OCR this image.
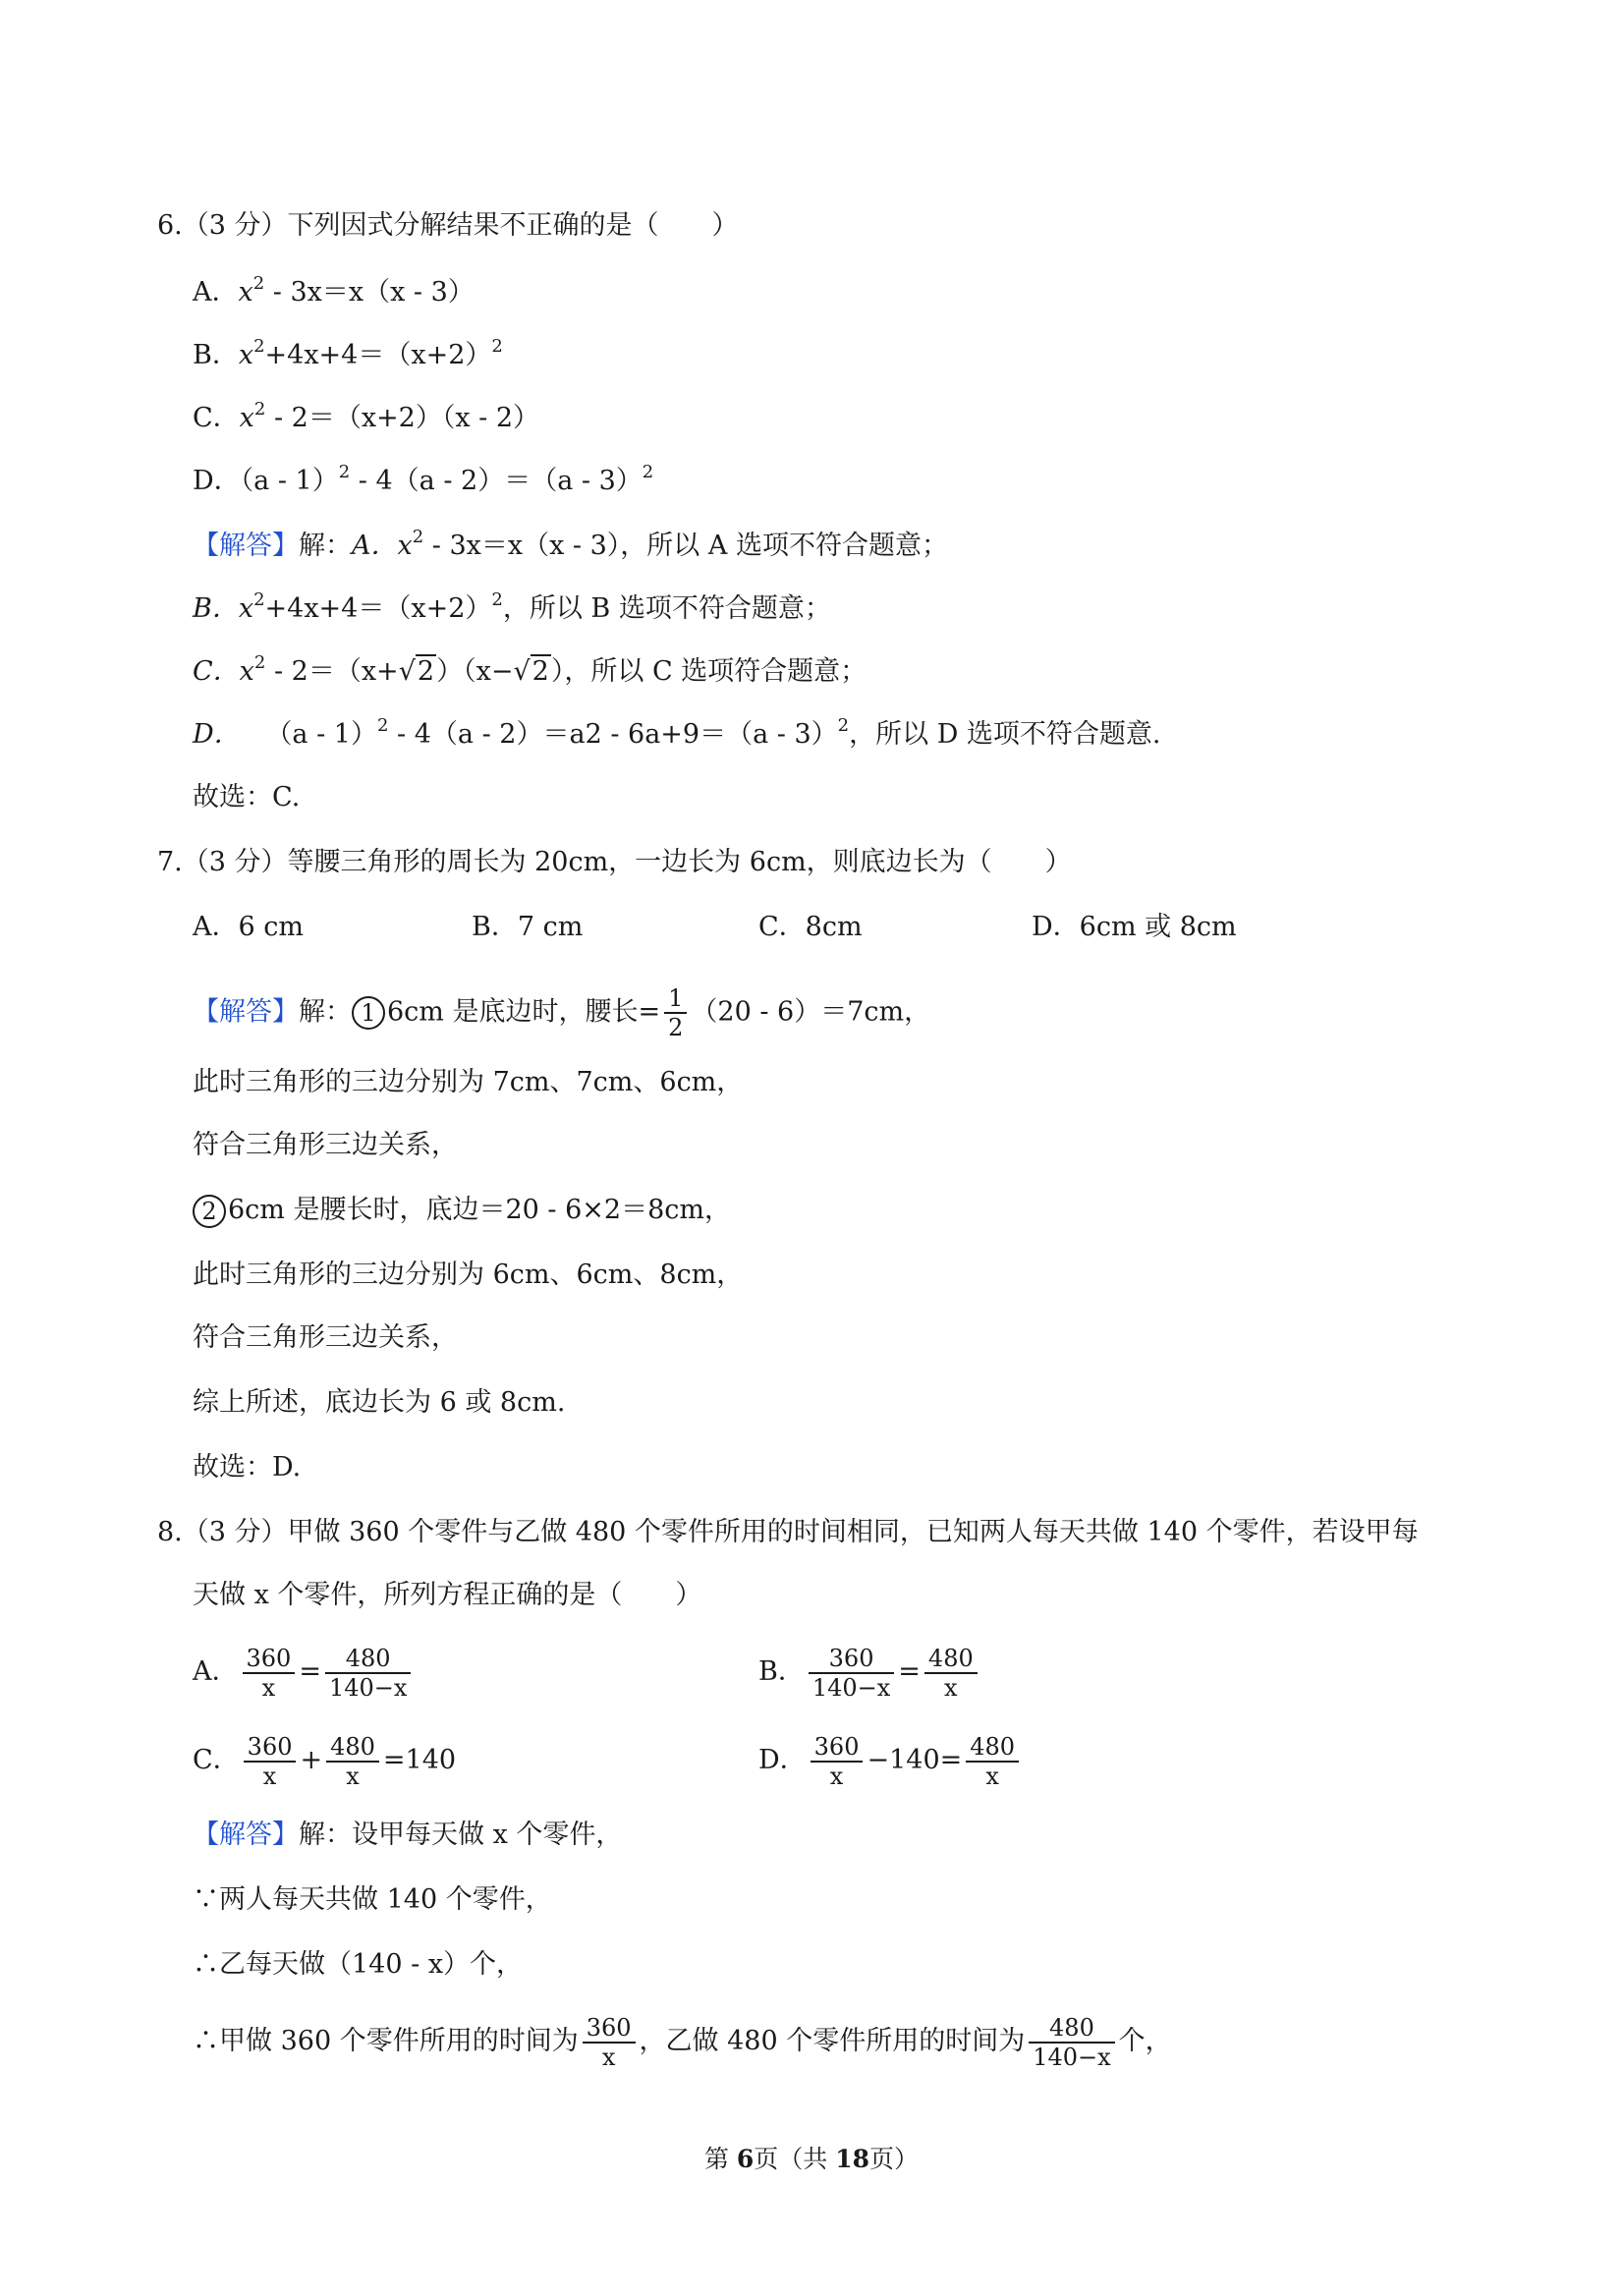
6.（3 分）下列因式分解结果不正确的是（　　）
A．$x^2 - 3x=x(x - 3)$
B．$x^2+4x+4=(x+2)^2$
C．$x^2 - 2=(x+2)(x - 2)$
D．（a - 1）$^2$ - 4（a - 2）＝（a - 3）$^2$
【解答】解：A．$x^2 - 3x=x(x - 3)$，所以 A 选项不符合题意；
B．$x^2+4x+4=(x+2)^2$，所以 B 选项不符合题意；
C．$x^2 - 2=(x+√2)(x-√2)$，所以 C 选项符合题意；
D． （a - 1）$^2$ - 4（a - 2）＝a2 - 6a+9＝（a - 3）$^2$，所以 D 选项不符合题意.
故选：C.
7.（3 分）等腰三角形的周长为 20cm，一边长为 6cm，则底边长为（　　）
A．6 cm	B．7 cm	C．8cm	D．6cm 或 8cm
【解答】解： 1 6cm 是底边时，腰长= $\frac{1}{2} (20 - 6)=7cm$，
此时三角形的三边分别为 7cm、7cm、6cm，
符合三角形三边关系，
2 6cm 是腰长时，底边＝20 - 6×2＝8cm，
此时三角形的三边分别为 6cm、6cm、8cm，
符合三角形三边关系，
综上所述，底边长为 6 或 8cm.
故选：D.
8.（3 分）甲做 360 个零件与乙做 480 个零件所用的时间相同，已知两人每天共做 140 个零件，若设甲每
天做 x 个零件，所列方程正确的是（　　）
A． $\frac{360}{x} = \frac{480}{140-x}$	B． $\frac{360}{140-x} = \frac{480}{x}$
C． $\frac{360}{x} + \frac{480}{x} =140$	D． $\frac{360}{x} -140= \frac{480}{x}$
【解答】解：设甲每天做 x 个零件，
∵两人每天共做 140 个零件，
∴乙每天做（140 - x）个，
∴甲做 360 个零件所用的时间为 $\frac{360}{x}$ ，乙做 480 个零件所用的时间为 $\frac{480}{140-x}$ 个，
第 6页（共 18页）
